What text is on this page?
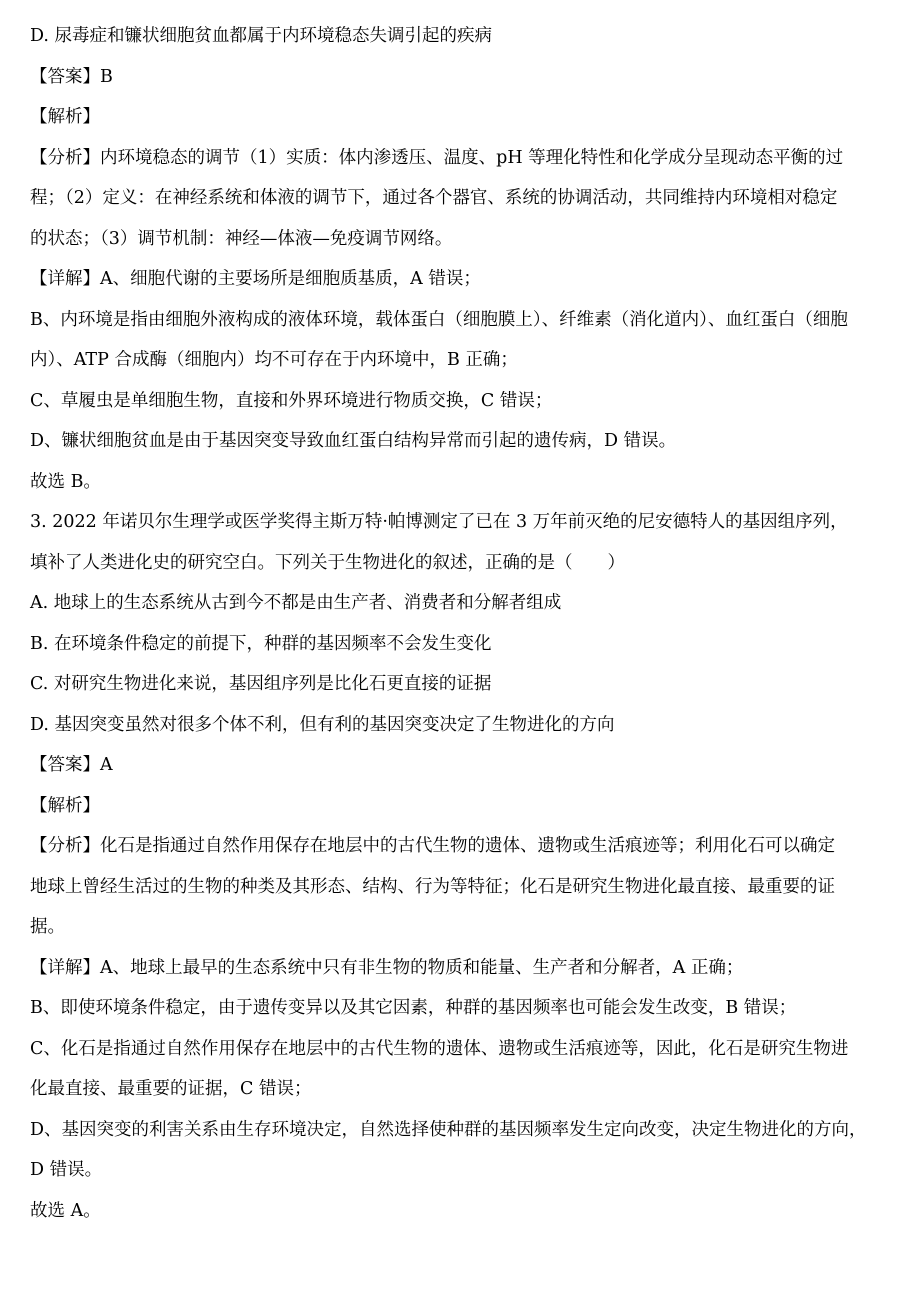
D. 尿毒症和镰状细胞贫血都属于内环境稳态失调引起的疾病
【答案】B
【解析】
【分析】内环境稳态的调节（1）实质：体内渗透压、温度、pH 等理化特性和化学成分呈现动态平衡的过
程；（2）定义：在神经系统和体液的调节下，通过各个器官、系统的协调活动，共同维持内环境相对稳定
的状态；（3）调节机制：神经—体液—免疫调节网络。
【详解】A、细胞代谢的主要场所是细胞质基质，A 错误；
B、内环境是指由细胞外液构成的液体环境，载体蛋白（细胞膜上）、纤维素（消化道内）、血红蛋白（细胞
内）、ATP 合成酶（细胞内）均不可存在于内环境中，B 正确；
C、草履虫是单细胞生物，直接和外界环境进行物质交换，C 错误；
D、镰状细胞贫血是由于基因突变导致血红蛋白结构异常而引起的遗传病，D 错误。
故选 B。
3. 2022 年诺贝尔生理学或医学奖得主斯万特·帕博测定了已在 3 万年前灭绝的尼安德特人的基因组序列，
填补了人类进化史的研究空白。下列关于生物进化的叙述，正确的是（　　）
A. 地球上的生态系统从古到今不都是由生产者、消费者和分解者组成
B. 在环境条件稳定的前提下，种群的基因频率不会发生变化
C. 对研究生物进化来说，基因组序列是比化石更直接的证据
D. 基因突变虽然对很多个体不利，但有利的基因突变决定了生物进化的方向
【答案】A
【解析】
【分析】化石是指通过自然作用保存在地层中的古代生物的遗体、遗物或生活痕迹等；利用化石可以确定
地球上曾经生活过的生物的种类及其形态、结构、行为等特征；化石是研究生物进化最直接、最重要的证
据。
【详解】A、地球上最早的生态系统中只有非生物的物质和能量、生产者和分解者，A 正确；
B、即使环境条件稳定，由于遗传变异以及其它因素，种群的基因频率也可能会发生改变，B 错误；
C、化石是指通过自然作用保存在地层中的古代生物的遗体、遗物或生活痕迹等，因此，化石是研究生物进
化最直接、最重要的证据，C 错误；
D、基因突变的利害关系由生存环境决定，自然选择使种群的基因频率发生定向改变，决定生物进化的方向，
D 错误。
故选 A。
